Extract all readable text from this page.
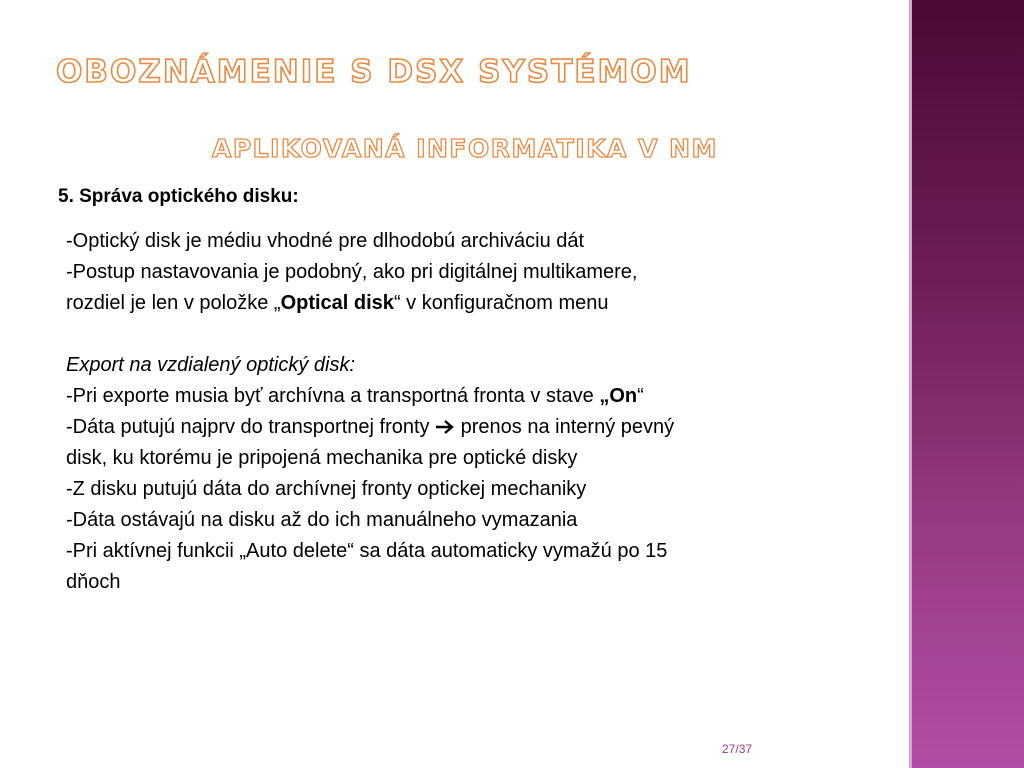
OBOZNÁMENIE S DSX SYSTÉMOM
APLIKOVANÁ INFORMATIKA V NM
5. Správa optického disku:
-Optický disk je médiu vhodné pre dlhodobú archiváciu dát
-Postup nastavovania je podobný, ako pri digitálnej multikamere,
rozdiel je len v položke „Optical disk“ v konfiguračnom menu
Export na vzdialený optický disk:
-Pri exporte musia byť archívna a transportná fronta v stave „On“
-Dáta putujú najprv do transportnej fronty  prenos na interný pevný
disk, ku ktorému je pripojená mechanika pre optické disky
-Z disku putujú dáta do archívnej fronty optickej mechaniky
-Dáta ostávajú na disku až do ich manuálneho vymazania
-Pri aktívnej funkcii „Auto delete“ sa dáta automaticky vymažú po 15
dňoch
27/37
